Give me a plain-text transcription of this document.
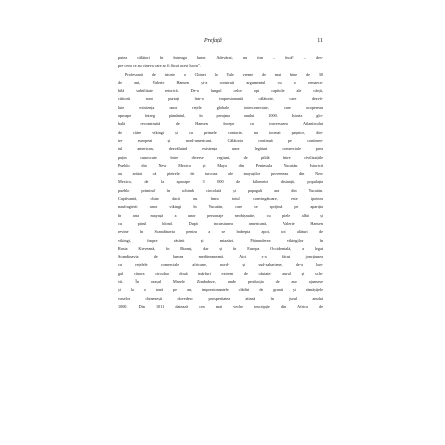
Prefață	11
putea călători în întreaga lume. Adevărat, nu tim – încă! – des-
pre ceea ce au cineva care ar fi făcut acest lucru".
Profesoară de istorie a Chinei la Yale vreme de mai bine de 30
de ani, Valerie Hansen și-a construit argumentul cu o remarca-
bilă subtilitate retorică. De-a lungul celor opt capitole ale cărții,
cititorii sunt purtați într-o impresionantă călătorie, care dezvă-
luie existența unor rețele globale interconectate, care acopereau
aproape întreg pământul, în preajma anului 1000. Istoria glo-
bală reconstruită de Hansen începe cu traversarea Atlanticului
de către vikingi și cu primele contacte, nu tocmai pașnice, din-
tre europeni și nord-americani. Călătoria continuă pe continen-
tul american, dezvăluind existența unor legături comerciale prea
puțin cunoscute între diverse regiuni, de pildă între civilizațiile
Pueblo din New Mexico și Maya din Peninsula Yucatán. Istoricii
au arătat că pietrele de turcoaz ale mayașilor proveneau din New
Mexico, de la aproape 3 000 de kilometri distanță, populația
pueblo primind în schimb ciocolată și papagali ara din Yucatán.
Captivantă, chiar dacă nu întru totul convingătoare, este ipoteza
naufragierii unor vikingi în Yucatán, care se sprijină pe apariția
în arta mayașă a unor personaje neobișnuite, cu piele albă și
cu părul blond. După incursiunea americană, Valerie Hansen
revine în Scandinavia pentru a se îndrepta apoi, tot alături de
vikingi, înspre răsărit și miazăzi. Pătrunderea vikingilor în
Rusia Kieveană, în Bizanț, dar și în Europa Occidentală, a legat
Scandinavia de lumea mediteraneană. Aici s-a făcut joncțiunea
cu rețelele comerciale africane, nord- și sud-sahariene, de-a lun-
gul cărora circulau două mărfuri extrem de căutate: aurul și scla-
vii. În orașul Marele Zimbabwe, unde producția de aur ajunsese
și la o tonă pe an, impresionantele clădiri de granit și rămășițele
vaselor chinezești dovedesc prosperitatea atinsă în jurul anului
1000. Din 1011 datează cea mai veche inscripție din Africa de
